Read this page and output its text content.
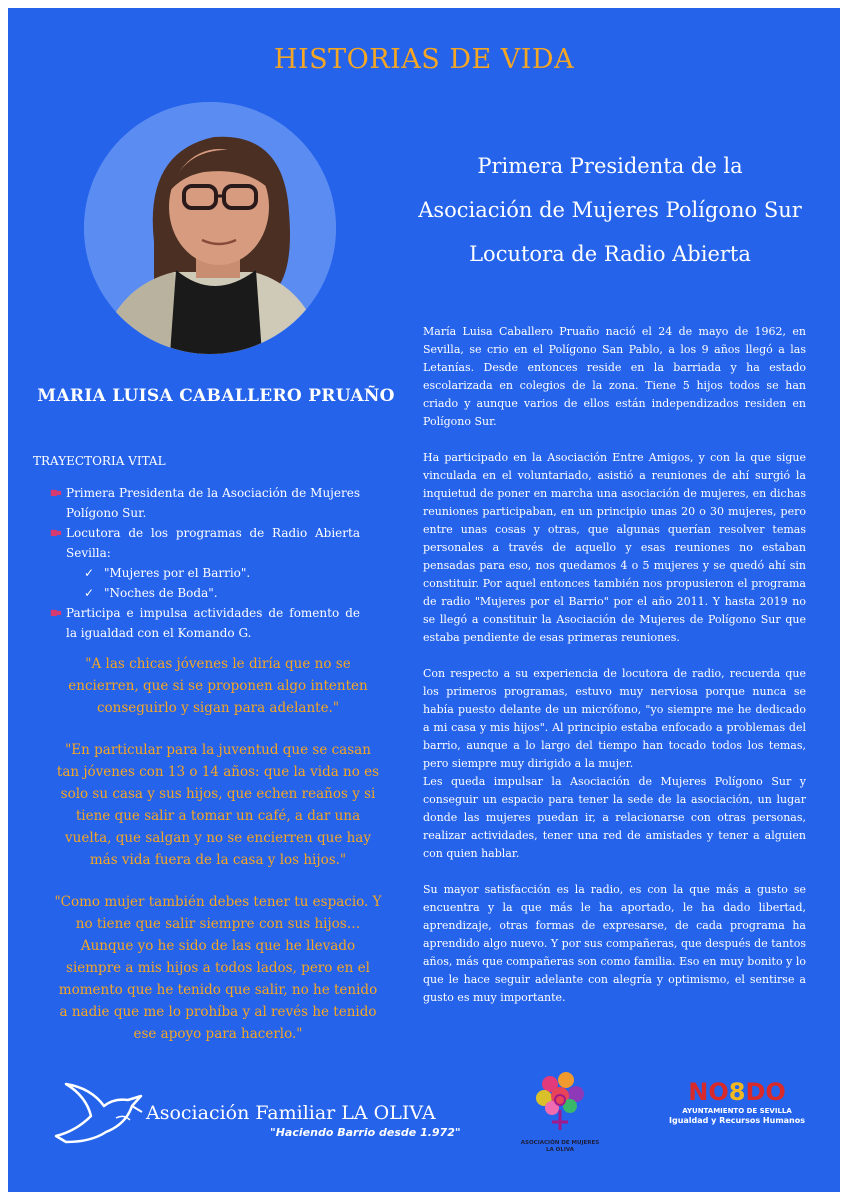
HISTORIAS DE VIDA
Primera Presidenta de la
Asociación de Mujeres Polígono Sur
Locutora de Radio Abierta
MARIA LUISA CABALLERO PRUAÑO
TRAYECTORIA VITAL
■▪ Primera Presidenta de la Asociación de Mujeres Polígono Sur.
■▪ Locutora de los programas de Radio Abierta Sevilla:
✓ "Mujeres por el Barrio".
✓ "Noches de Boda".
■▪ Participa e impulsa actividades de fomento de la igualdad con el Komando G.

"A las chicas jóvenes le diría que no se encierren, que si se proponen algo intenten conseguirlo y sigan para adelante."

"En particular para la juventud que se casan tan jóvenes con 13 o 14 años: que la vida no es solo su casa y sus hijos, que echen reaños y si tiene que salir a tomar un café, a dar una vuelta, que salgan y no se encierren que hay más vida fuera de la casa y los hijos."

"Como mujer también debes tener tu espacio. Y no tiene que salir siempre con sus hijos… Aunque yo he sido de las que he llevado siempre a mis hijos a todos lados, pero en el momento que he tenido que salir, no he tenido a nadie que me lo prohíba y al revés he tenido ese apoyo para hacerlo."

María Luisa Caballero Pruaño nació el 24 de mayo de 1962, en Sevilla, se crio en el Polígono San Pablo, a los 9 años llegó a las Letanías. Desde entonces reside en la barriada y ha estado escolarizada en colegios de la zona. Tiene 5 hijos todos se han criado y aunque varios de ellos están independizados residen en Polígono Sur.

Ha participado en la Asociación Entre Amigos, y con la que sigue vinculada en el voluntariado, asistió a reuniones de ahí surgió la inquietud de poner en marcha una asociación de mujeres, en dichas reuniones participaban, en un principio unas 20 o 30 mujeres, pero entre unas cosas y otras, que algunas querían resolver temas personales a través de aquello y esas reuniones no estaban pensadas para eso, nos quedamos 4 o 5 mujeres y se quedó ahí sin constituir. Por aquel entonces también nos propusieron el programa de radio "Mujeres por el Barrio" por el año 2011. Y hasta 2019 no se llegó a constituir la Asociación de Mujeres de Polígono Sur que estaba pendiente de esas primeras reuniones.

Con respecto a su experiencia de locutora de radio, recuerda que los primeros programas, estuvo muy nerviosa porque nunca se había puesto delante de un micrófono, "yo siempre me he dedicado a mi casa y mis hijos". Al principio estaba enfocado a problemas del barrio, aunque a lo largo del tiempo han tocado todos los temas, pero siempre muy dirigido a la mujer.

Les queda impulsar la Asociación de Mujeres Polígono Sur y conseguir un espacio para tener la sede de la asociación, un lugar donde las mujeres puedan ir, a relacionarse con otras personas, realizar actividades, tener una red de amistades y tener a alguien con quien hablar.

Su mayor satisfacción es la radio, es con la que más a gusto se encuentra y la que más le ha aportado, le ha dado libertad, aprendizaje, otras formas de expresarse, de cada programa ha aprendido algo nuevo. Y por sus compañeras, que después de tantos años, más que compañeras son como familia. Eso en muy bonito y lo que le hace seguir adelante con alegría y optimismo, el sentirse a gusto es muy importante.

Asociación Familiar LA OLIVA
"Haciendo Barrio desde 1.972"
ASOCIACIÓN DE MUJERES
LA OLIVA
NO8DO
AYUNTAMIENTO DE SEVILLA
Igualdad y Recursos Humanos
